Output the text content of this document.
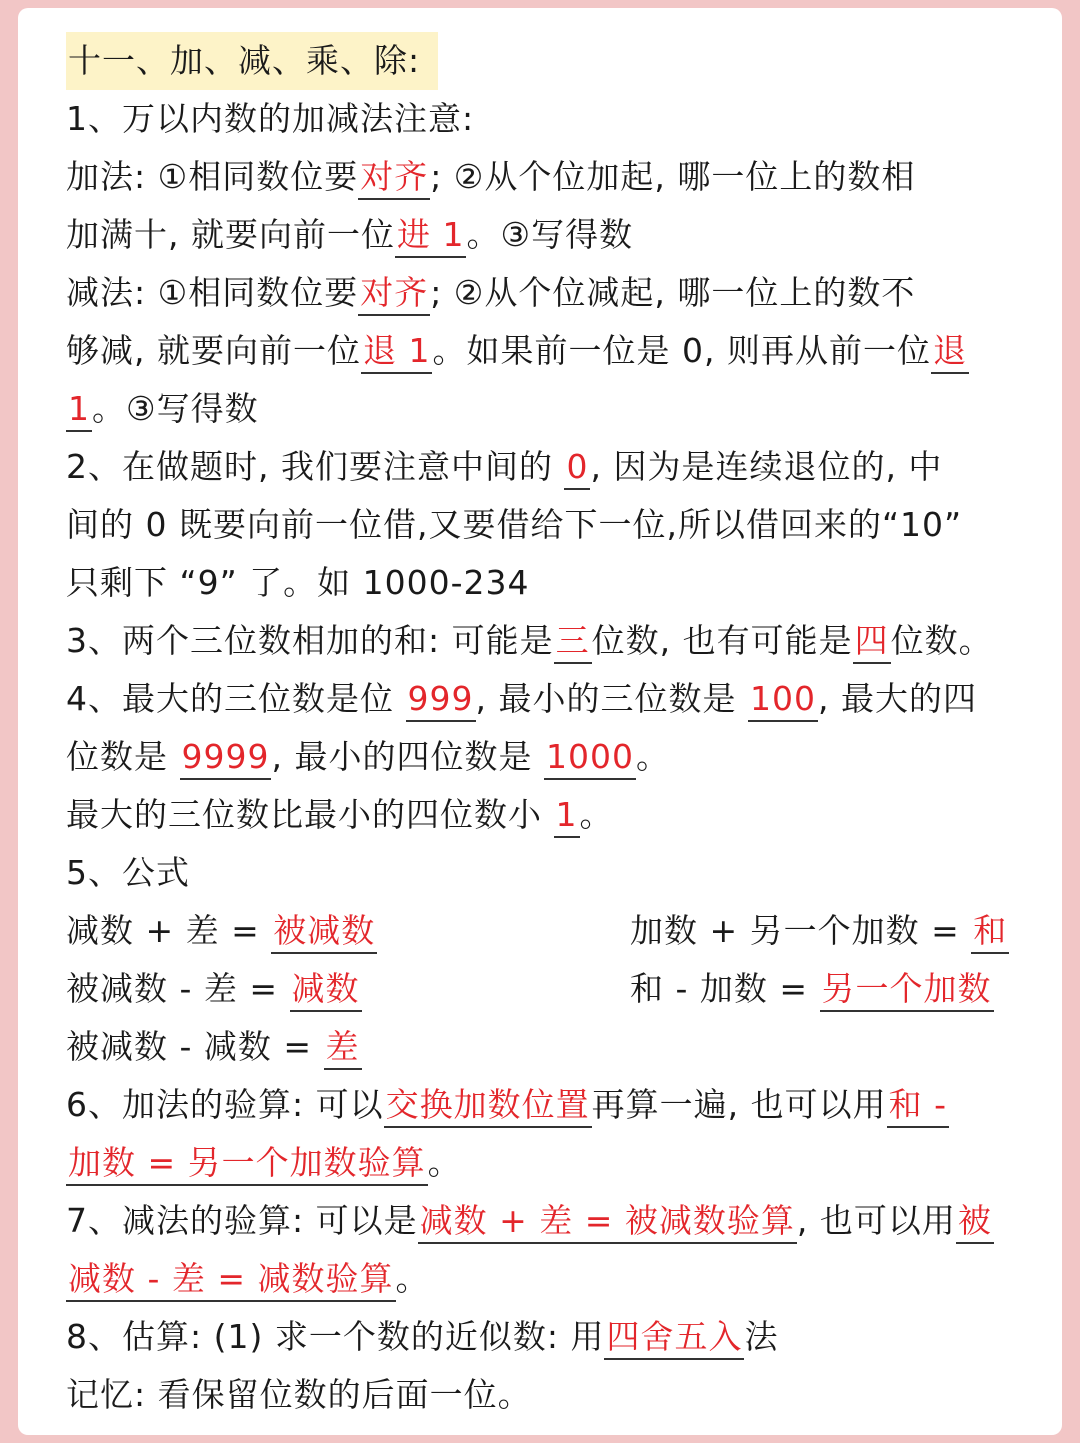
十一、加、减、乘、除:
1、万以内数的加减法注意:
加法: ①相同数位要对齐; ②从个位加起, 哪一位上的数相
加满十, 就要向前一位进 1。③写得数
减法: ①相同数位要对齐; ②从个位减起, 哪一位上的数不
够减, 就要向前一位退 1。如果前一位是 0, 则再从前一位退
1。③写得数
2、在做题时, 我们要注意中间的 0, 因为是连续退位的, 中
间的 0 既要向前一位借,又要借给下一位,所以借回来的“10”
只剩下 “9” 了。如 1000-234
3、两个三位数相加的和: 可能是三位数, 也有可能是四位数。
4、最大的三位数是位 999, 最小的三位数是 100, 最大的四
位数是 9999, 最小的四位数是 1000。
最大的三位数比最小的四位数小 1。
5、公式
减数 + 差 = 被减数	加数 + 另一个加数 = 和
被减数 - 差 = 减数	和 - 加数 = 另一个加数
被减数 - 减数 = 差
6、加法的验算: 可以交换加数位置再算一遍, 也可以用和 -
加数 = 另一个加数验算。
7、减法的验算: 可以是减数 + 差 = 被减数验算, 也可以用被
减数 - 差 = 减数验算。
8、估算: (1) 求一个数的近似数: 用四舍五入法
记忆: 看保留位数的后面一位。
